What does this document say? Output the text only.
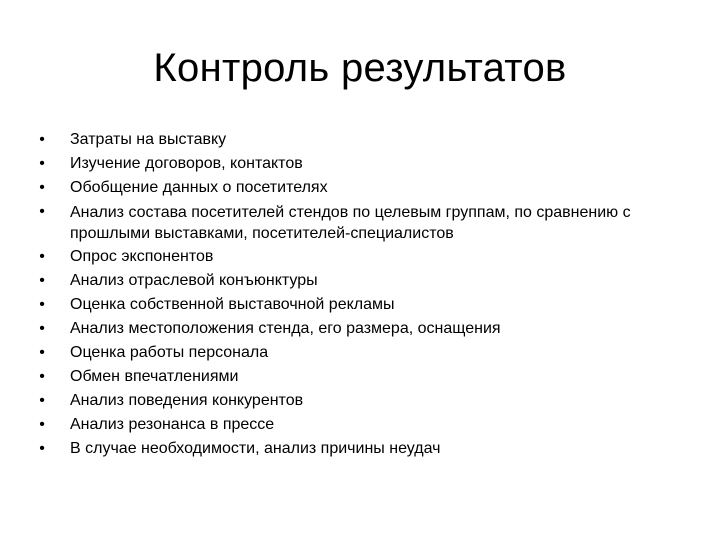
Контроль результатов
• Затраты на выставку
• Изучение договоров, контактов
• Обобщение данных о посетителях
• Анализ состава посетителей стендов по целевым группам, по сравнению с прошлыми выставками, посетителей-специалистов
• Опрос экспонентов
• Анализ отраслевой конъюнктуры
• Оценка собственной выставочной рекламы
• Анализ местоположения стенда, его размера, оснащения
• Оценка работы персонала
• Обмен впечатлениями
• Анализ поведения конкурентов
• Анализ резонанса в прессе
• В случае необходимости, анализ причины неудач
